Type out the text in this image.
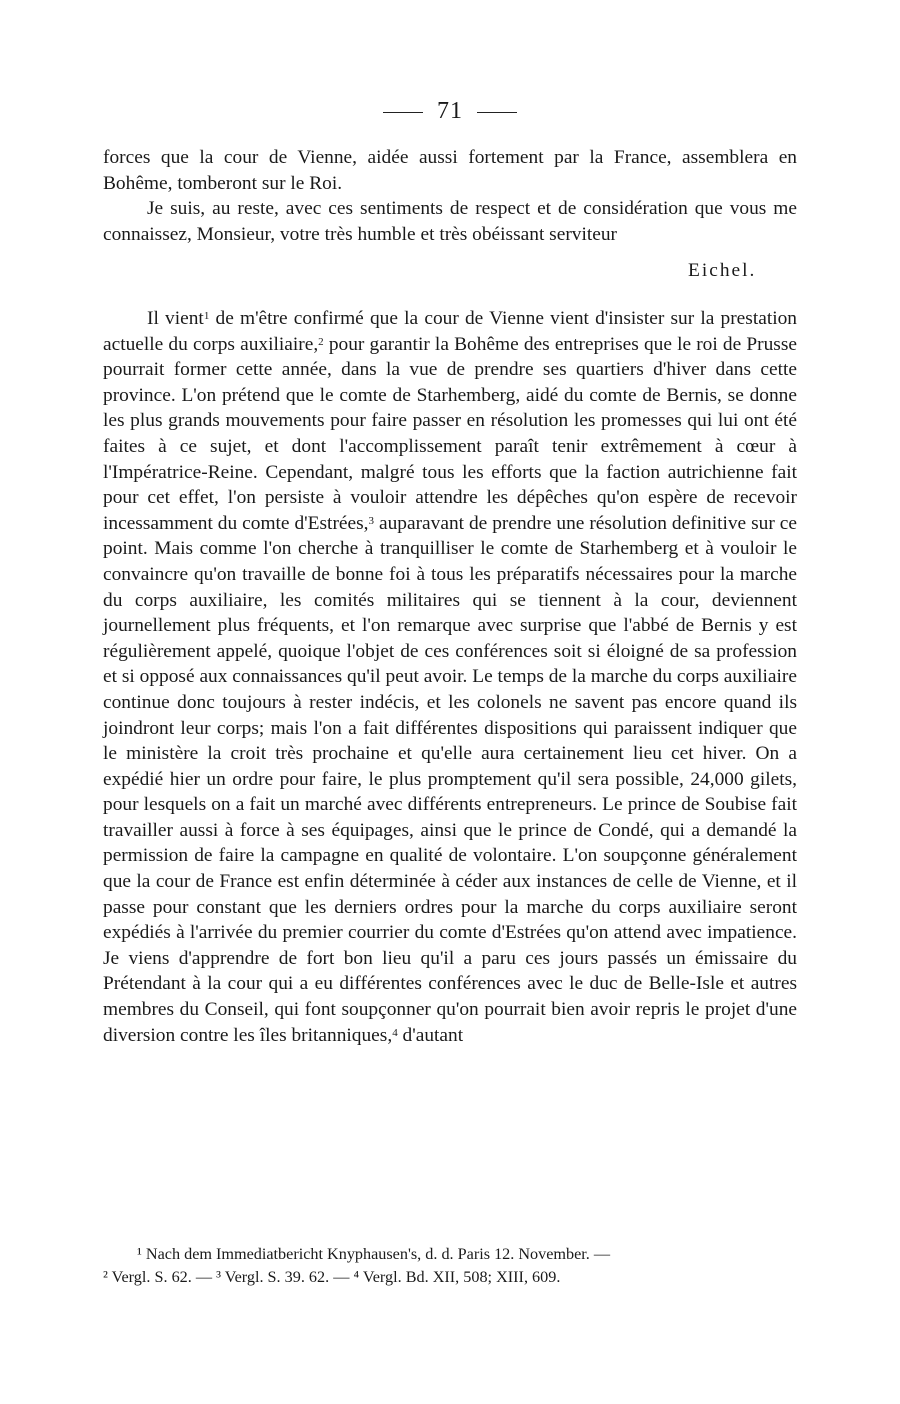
71

forces que la cour de Vienne, aidée aussi fortement par la France, assemblera en Bohême, tomberont sur le Roi.

Je suis, au reste, avec ces sentiments de respect et de considération que vous me connaissez, Monsieur, votre très humble et très obéissant serviteur

Eichel.

Il vient$^1$ de m'être confirmé que la cour de Vienne vient d'insister sur la prestation actuelle du corps auxiliaire,$^2$ pour garantir la Bohême des entreprises que le roi de Prusse pourrait former cette année, dans la vue de prendre ses quartiers d'hiver dans cette province. L'on prétend que le comte de Starhemberg, aidé du comte de Bernis, se donne les plus grands mouvements pour faire passer en résolution les promesses qui lui ont été faites à ce sujet, et dont l'accomplissement paraît tenir extrêmement à cœur à l'Impératrice-Reine. Cependant, malgré tous les efforts que la faction autrichienne fait pour cet effet, l'on persiste à vouloir attendre les dépêches qu'on espère de recevoir incessamment du comte d'Estrées,$^3$ auparavant de prendre une résolution definitive sur ce point. Mais comme l'on cherche à tranquilliser le comte de Starhemberg et à vouloir le convaincre qu'on travaille de bonne foi à tous les préparatifs nécessaires pour la marche du corps auxiliaire, les comités militaires qui se tiennent à la cour, deviennent journellement plus fréquents, et l'on remarque avec surprise que l'abbé de Bernis y est régulièrement appelé, quoique l'objet de ces conférences soit si éloigné de sa profession et si opposé aux connaissances qu'il peut avoir. Le temps de la marche du corps auxiliaire continue donc toujours à rester indécis, et les colonels ne savent pas encore quand ils joindront leur corps; mais l'on a fait différentes dispositions qui paraissent indiquer que le ministère la croit très prochaine et qu'elle aura certainement lieu cet hiver. On a expédié hier un ordre pour faire, le plus promptement qu'il sera possible, 24,000 gilets, pour lesquels on a fait un marché avec différents entrepreneurs. Le prince de Soubise fait travailler aussi à force à ses équipages, ainsi que le prince de Condé, qui a demandé la permission de faire la campagne en qualité de volontaire. L'on soupçonne généralement que la cour de France est enfin déterminée à céder aux instances de celle de Vienne, et il passe pour constant que les derniers ordres pour la marche du corps auxiliaire seront expédiés à l'arrivée du premier courrier du comte d'Estrées qu'on attend avec impatience. Je viens d'apprendre de fort bon lieu qu'il a paru ces jours passés un émissaire du Prétendant à la cour qui a eu différentes conférences avec le duc de Belle-Isle et autres membres du Conseil, qui font soupçonner qu'on pourrait bien avoir repris le projet d'une diversion contre les îles britanniques,$^4$ d'autant

¹ Nach dem Immediatbericht Knyphausen's, d. d. Paris 12. November. —
² Vergl. S. 62. — ³ Vergl. S. 39. 62. — ⁴ Vergl. Bd. XII, 508; XIII, 609.
